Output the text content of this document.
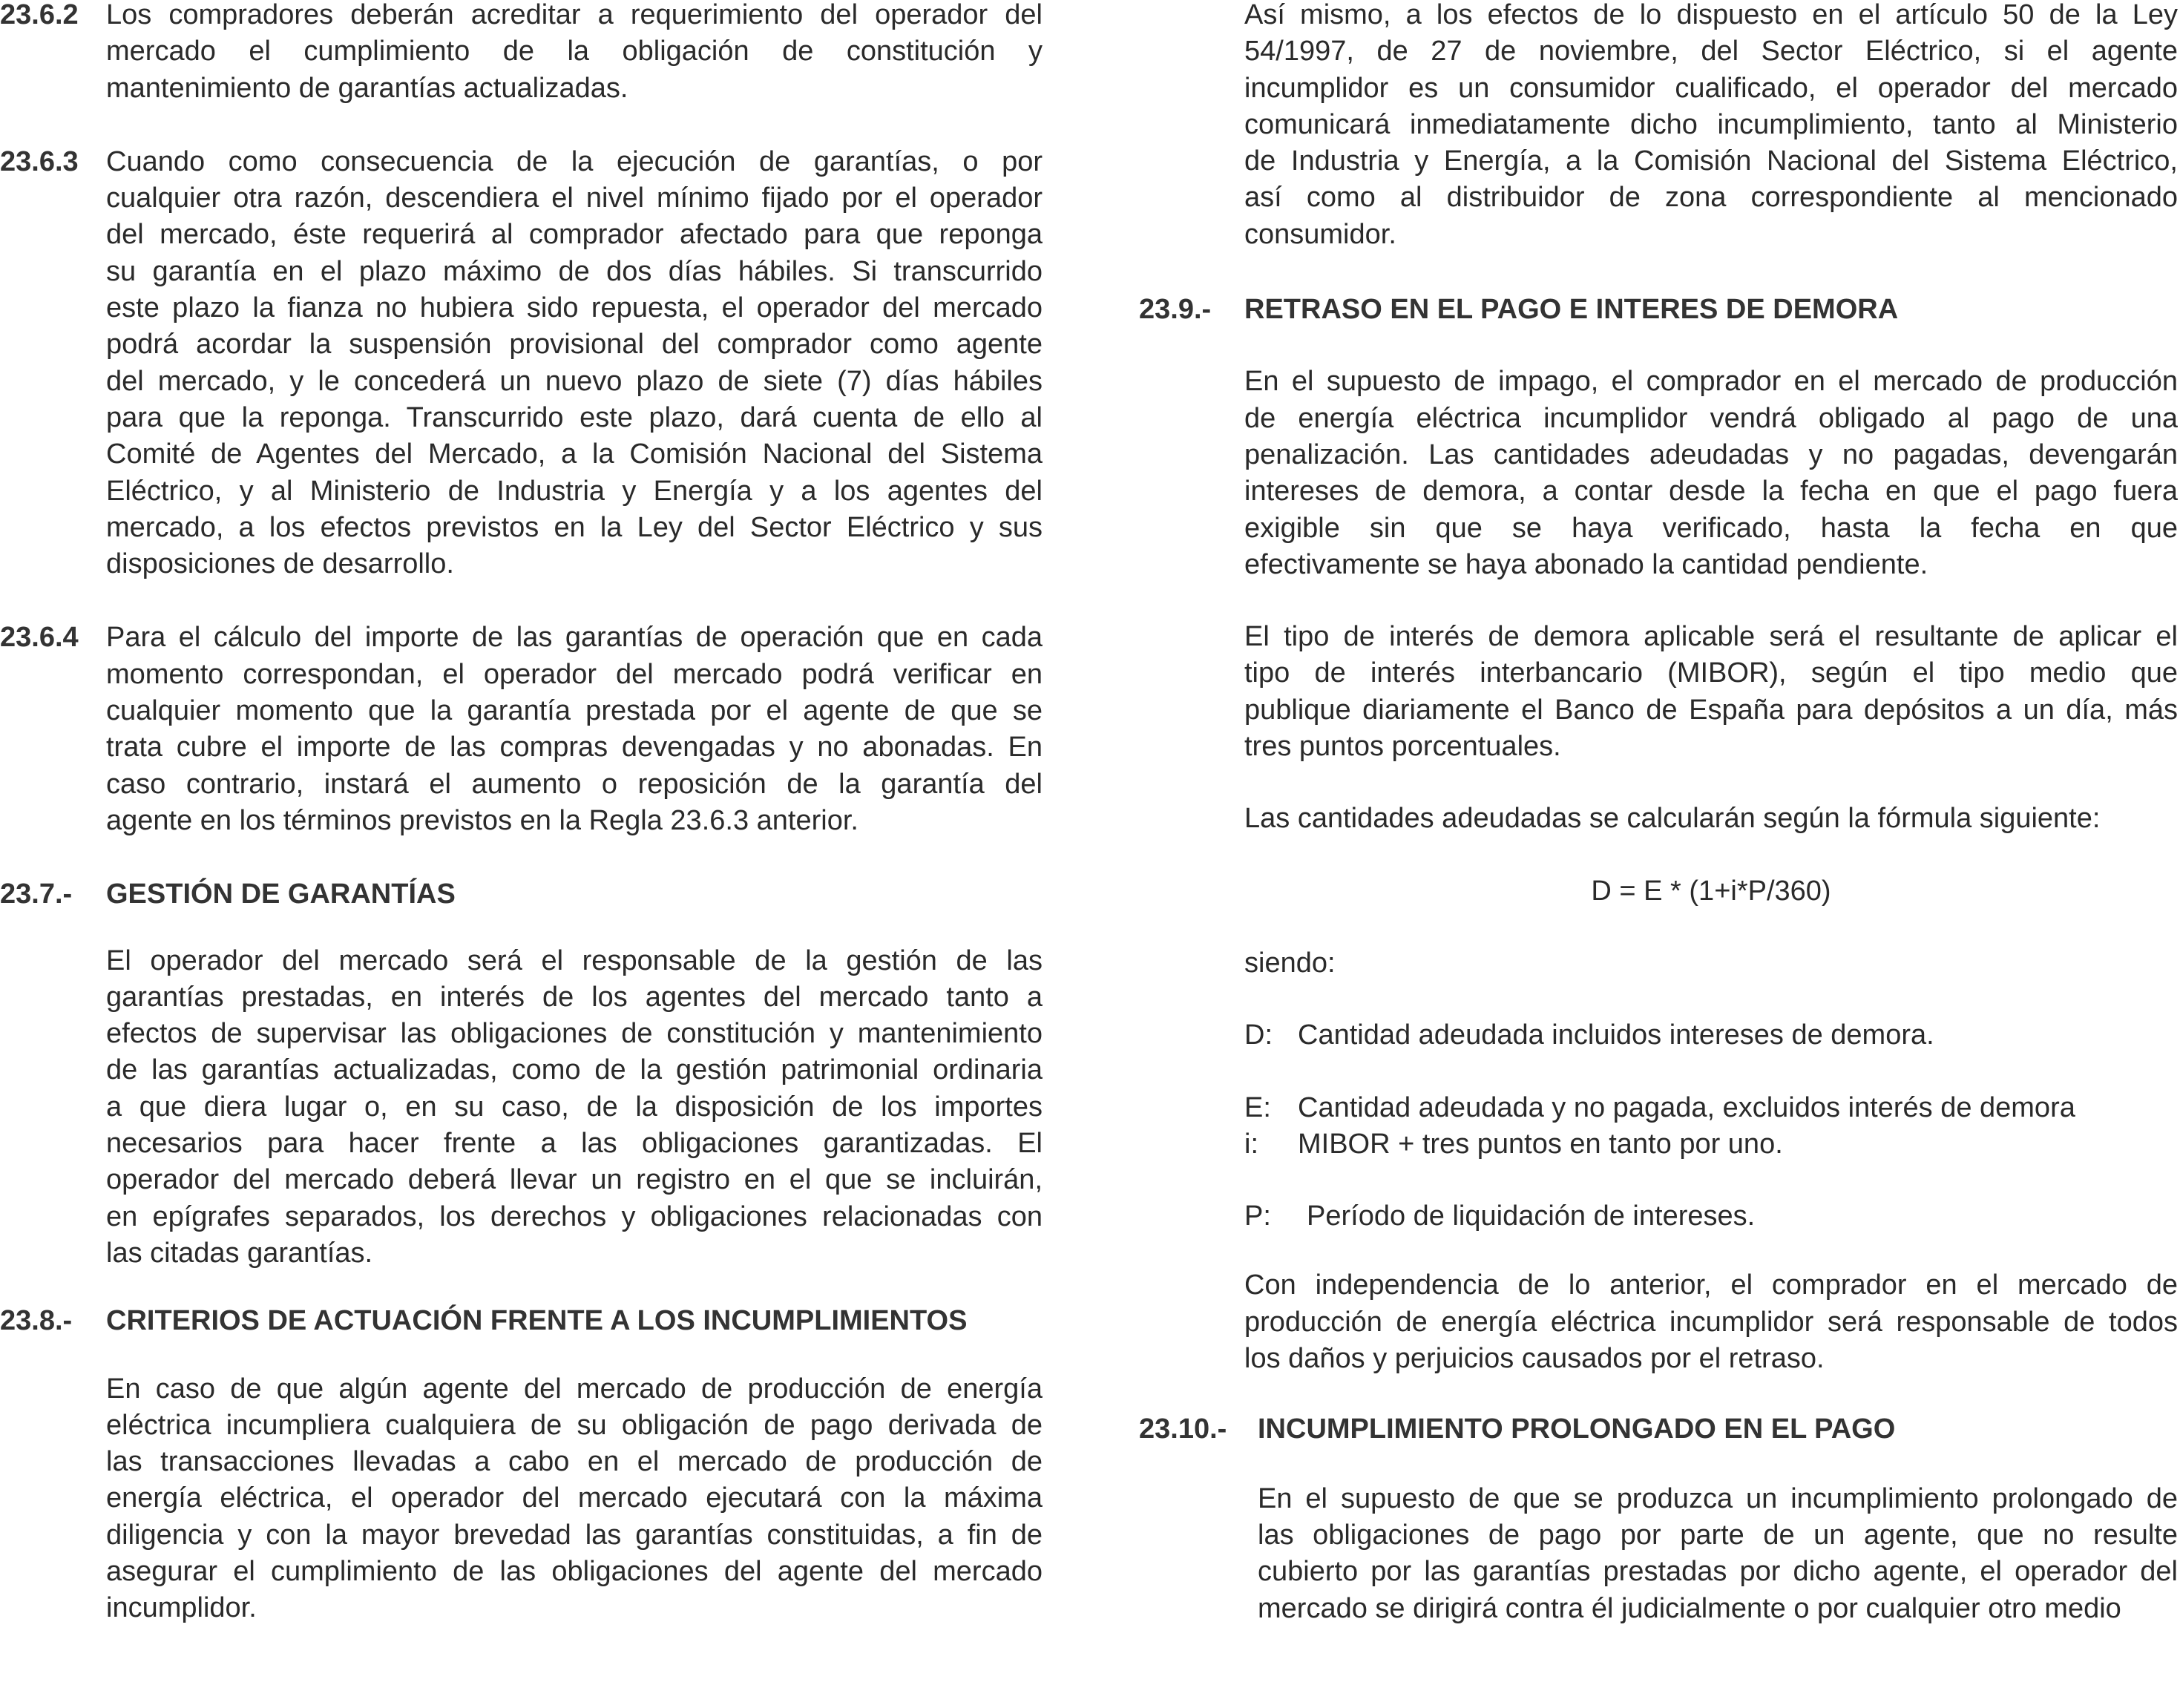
23.6.2 Los compradores deberán acreditar a requerimiento del operador del
mercado el cumplimiento de la obligación de constitución y
mantenimiento de garantías actualizadas.

23.6.3 Cuando como consecuencia de la ejecución de garantías, o por
cualquier otra razón, descendiera el nivel mínimo fijado por el operador
del mercado, éste requerirá al comprador afectado para que reponga
su garantía en el plazo máximo de dos días hábiles. Si transcurrido
este plazo la fianza no hubiera sido repuesta, el operador del mercado
podrá acordar la suspensión provisional del comprador como agente
del mercado, y le concederá un nuevo plazo de siete (7) días hábiles
para que la reponga. Transcurrido este plazo, dará cuenta de ello al
Comité de Agentes del Mercado, a la Comisión Nacional del Sistema
Eléctrico, y al Ministerio de Industria y Energía y a los agentes del
mercado, a los efectos previstos en la Ley del Sector Eléctrico y sus
disposiciones de desarrollo.

23.6.4 Para el cálculo del importe de las garantías de operación que en cada
momento correspondan, el operador del mercado podrá verificar en
cualquier momento que la garantía prestada por el agente de que se
trata cubre el importe de las compras devengadas y no abonadas. En
caso contrario, instará el aumento o reposición de la garantía del
agente en los términos previstos en la Regla 23.6.3 anterior.

23.7.- GESTIÓN DE GARANTÍAS

El operador del mercado será el responsable de la gestión de las
garantías prestadas, en interés de los agentes del mercado tanto a
efectos de supervisar las obligaciones de constitución y mantenimiento
de las garantías actualizadas, como de la gestión patrimonial ordinaria
a que diera lugar o, en su caso, de la disposición de los importes
necesarios para hacer frente a las obligaciones garantizadas. El
operador del mercado deberá llevar un registro en el que se incluirán,
en epígrafes separados, los derechos y obligaciones relacionadas con
las citadas garantías.

23.8.- CRITERIOS DE ACTUACIÓN FRENTE A LOS INCUMPLIMIENTOS

En caso de que algún agente del mercado de producción de energía
eléctrica incumpliera cualquiera de su obligación de pago derivada de
las transacciones llevadas a cabo en el mercado de producción de
energía eléctrica, el operador del mercado ejecutará con la máxima
diligencia y con la mayor brevedad las garantías constituidas, a fin de
asegurar el cumplimiento de las obligaciones del agente del mercado
incumplidor.

Así mismo, a los efectos de lo dispuesto en el artículo 50 de la Ley
54/1997, de 27 de noviembre, del Sector Eléctrico, si el agente
incumplidor es un consumidor cualificado, el operador del mercado
comunicará inmediatamente dicho incumplimiento, tanto al Ministerio
de Industria y Energía, a la Comisión Nacional del Sistema Eléctrico,
así como al distribuidor de zona correspondiente al mencionado
consumidor.

23.9.- RETRASO EN EL PAGO E INTERES DE DEMORA

En el supuesto de impago, el comprador en el mercado de producción
de energía eléctrica incumplidor vendrá obligado al pago de una
penalización. Las cantidades adeudadas y no pagadas, devengarán
intereses de demora, a contar desde la fecha en que el pago fuera
exigible sin que se haya verificado, hasta la fecha en que
efectivamente se haya abonado la cantidad pendiente.

El tipo de interés de demora aplicable será el resultante de aplicar el
tipo de interés interbancario (MIBOR), según el tipo medio que
publique diariamente el Banco de España para depósitos a un día, más
tres puntos porcentuales.

Las cantidades adeudadas se calcularán según la fórmula siguiente:

D = E * (1+i*P/360)

siendo:

D: Cantidad adeudada incluidos intereses de demora.
E: Cantidad adeudada y no pagada, excluidos interés de demora
i: MIBOR + tres puntos en tanto por uno.
P: Período de liquidación de intereses.

Con independencia de lo anterior, el comprador en el mercado de
producción de energía eléctrica incumplidor será responsable de todos
los daños y perjuicios causados por el retraso.

23.10.- INCUMPLIMIENTO PROLONGADO EN EL PAGO

En el supuesto de que se produzca un incumplimiento prolongado de
las obligaciones de pago por parte de un agente, que no resulte
cubierto por las garantías prestadas por dicho agente, el operador del
mercado se dirigirá contra él judicialmente o por cualquier otro medio
